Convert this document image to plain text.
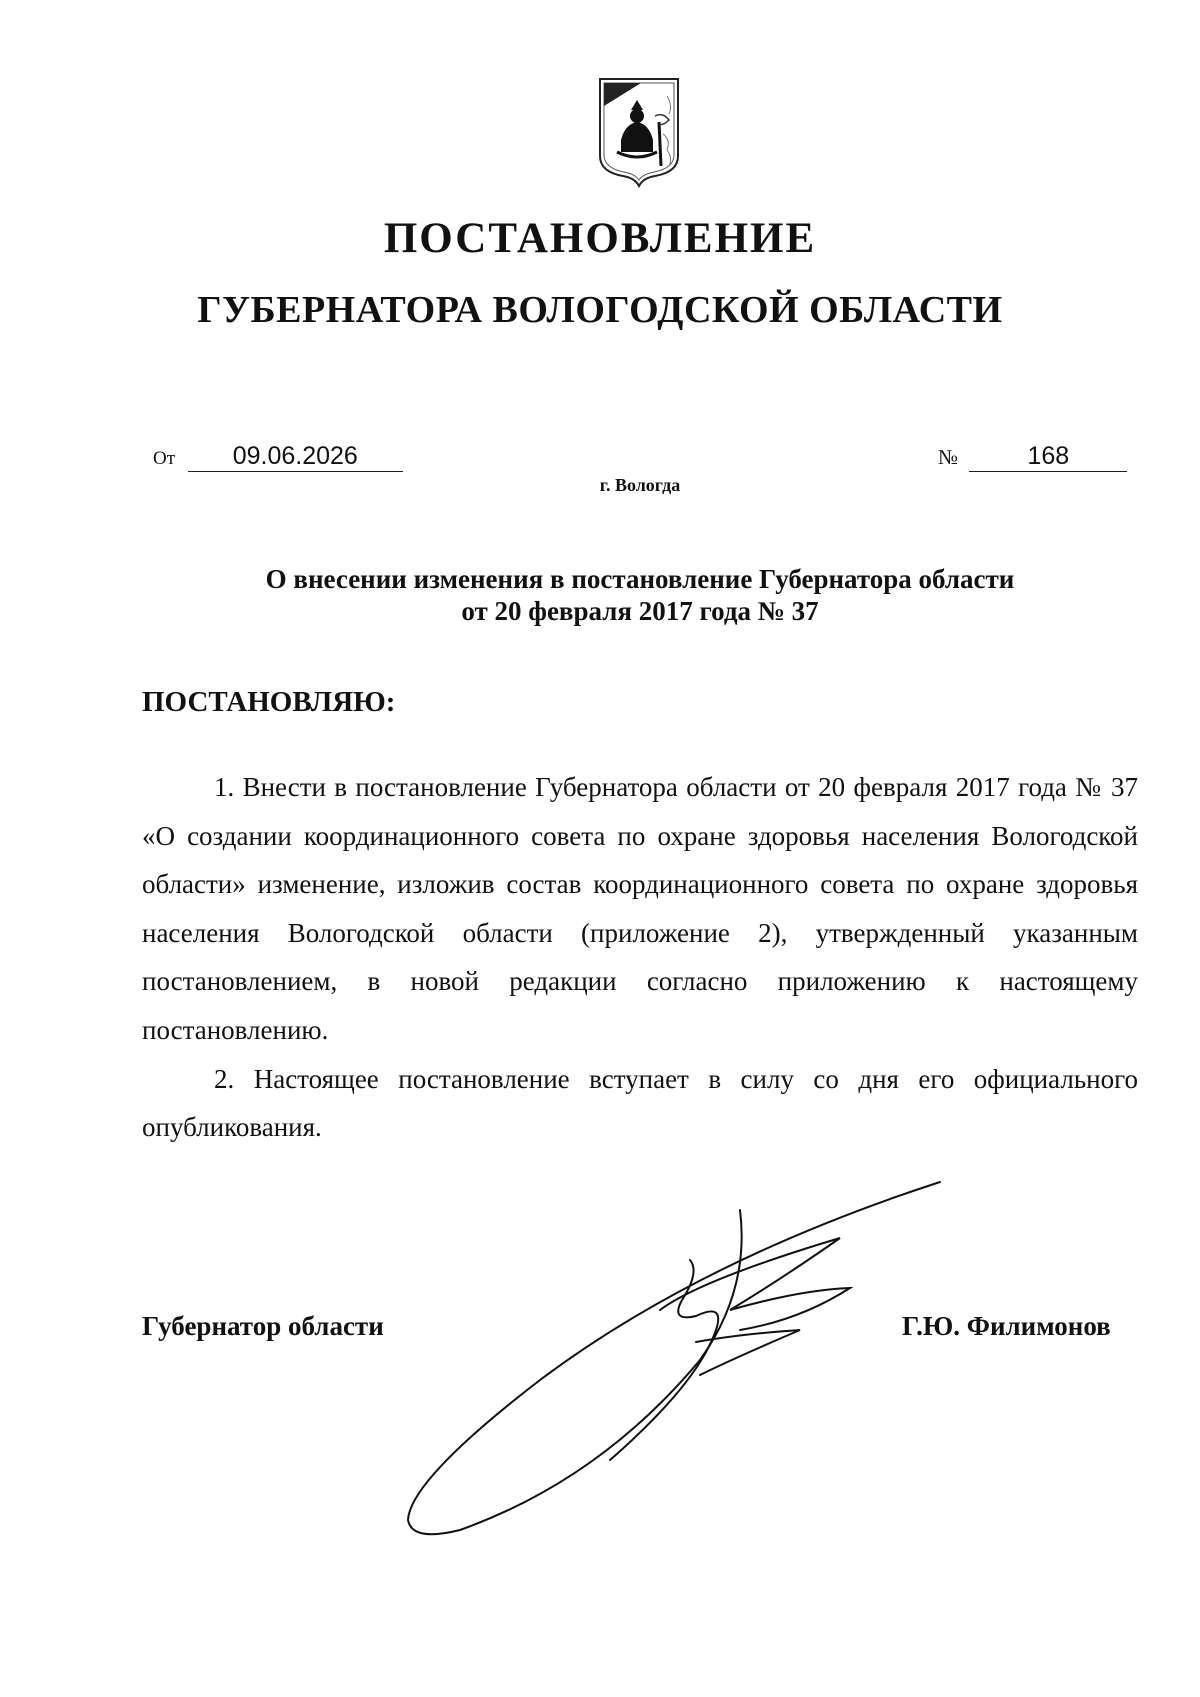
ПОСТАНОВЛЕНИЕ
ГУБЕРНАТОРА ВОЛОГОДСКОЙ ОБЛАСТИ
От 09.06.2026	№	168
г. Вологда
О внесении изменения в постановление Губернатора области
от 20 февраля 2017 года № 37
ПОСТАНОВЛЯЮ:

1. Внести в постановление Губернатора области от 20 февраля 2017 года № 37 «О создании координационного совета по охране здоровья населения Вологодской области» изменение, изложив состав координационного совета по охране здоровья населения Вологодской области (приложение 2), утвержденный указанным постановлением, в новой редакции согласно приложению к настоящему постановлению.

2. Настоящее постановление вступает в силу со дня его официального опубликования.

Губернатор области	Г.Ю. Филимонов
